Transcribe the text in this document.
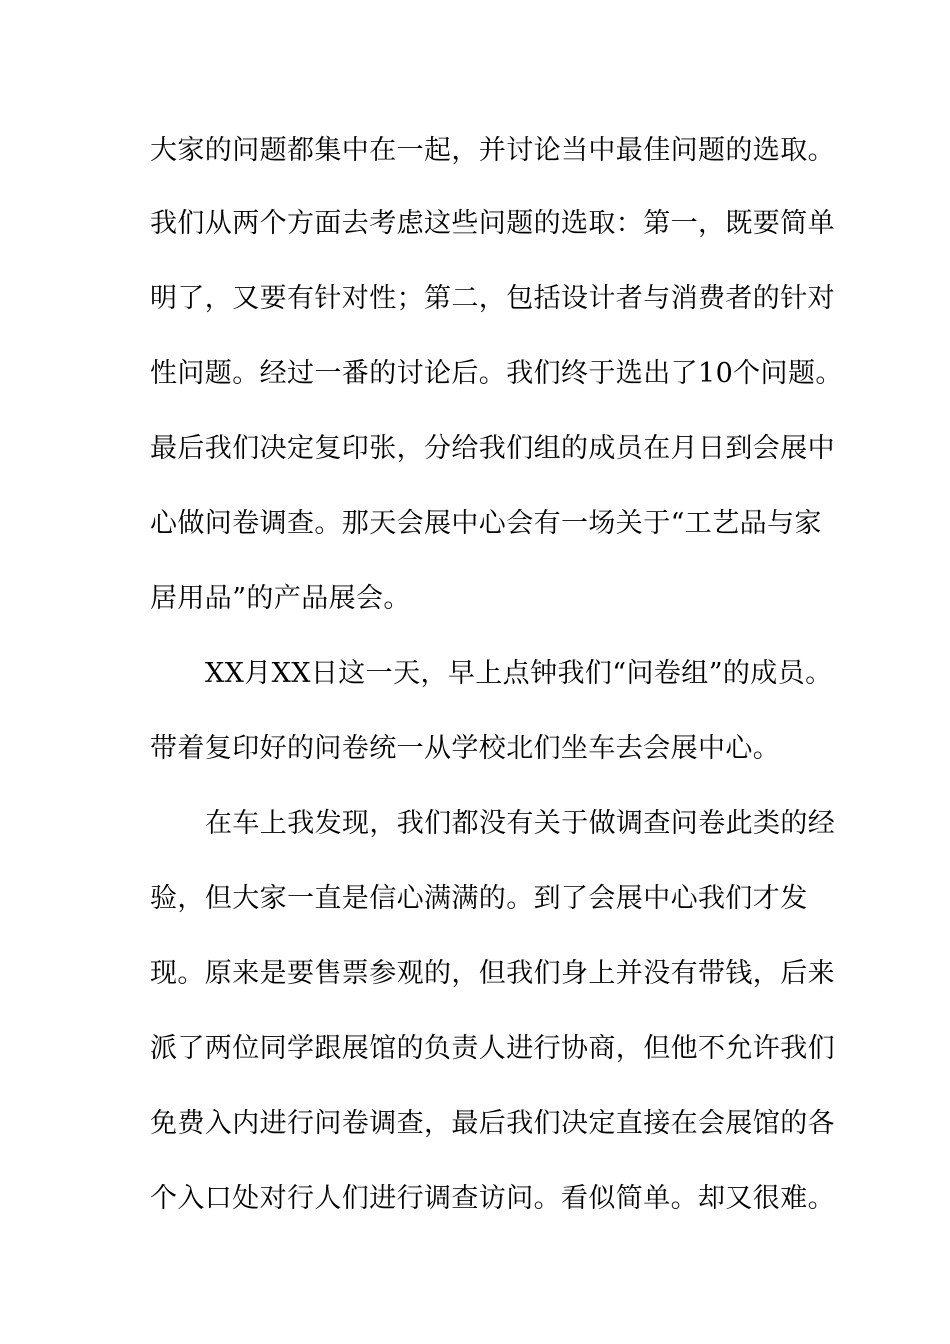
大家的问题都集中在一起，并讨论当中最佳问题的选取。
我们从两个方面去考虑这些问题的选取：第一，既要简单
明了，又要有针对性；第二，包括设计者与消费者的针对
性问题。经过一番的讨论后。我们终于选出了10个问题。
最后我们决定复印张，分给我们组的成员在月日到会展中
心做问卷调查。那天会展中心会有一场关于“工艺品与家
居用品”的产品展会。
XX月XX日这一天，早上点钟我们“问卷组”的成员。
带着复印好的问卷统一从学校北们坐车去会展中心。
在车上我发现，我们都没有关于做调查问卷此类的经
验，但大家一直是信心满满的。到了会展中心我们才发
现。原来是要售票参观的，但我们身上并没有带钱，后来
派了两位同学跟展馆的负责人进行协商，但他不允许我们
免费入内进行问卷调查，最后我们决定直接在会展馆的各
个入口处对行人们进行调查访问。看似简单。却又很难。
